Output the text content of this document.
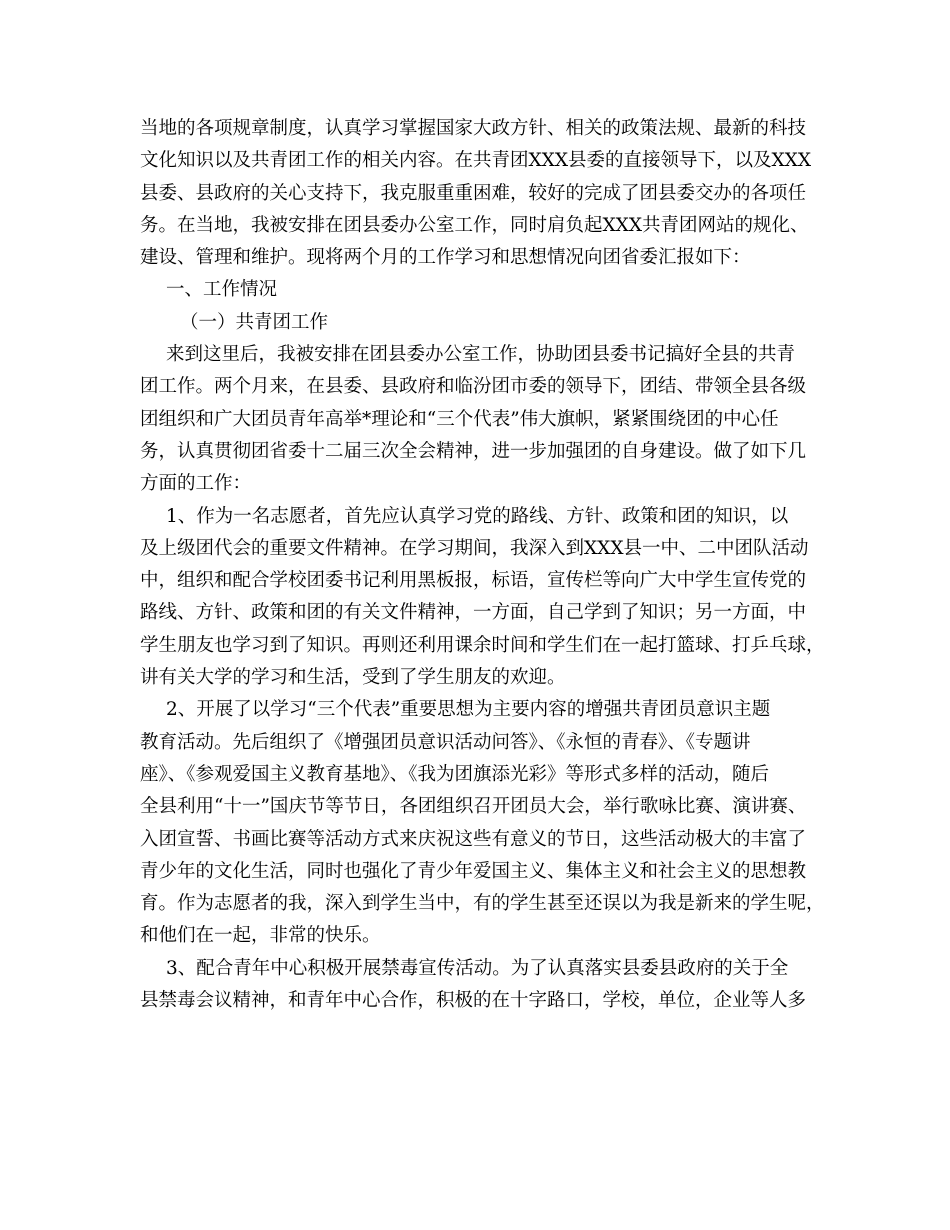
当地的各项规章制度，认真学习掌握国家大政方针、相关的政策法规、最新的科技
文化知识以及共青团工作的相关内容。在共青团XXX县委的直接领导下，以及XXX
县委、县政府的关心支持下，我克服重重困难，较好的完成了团县委交办的各项任
务。在当地，我被安排在团县委办公室工作，同时肩负起XXX共青团网站的规化、
建设、管理和维护。现将两个月的工作学习和思想情况向团省委汇报如下：
一、工作情况
（一）共青团工作
来到这里后，我被安排在团县委办公室工作，协助团县委书记搞好全县的共青
团工作。两个月来，在县委、县政府和临汾团市委的领导下，团结、带领全县各级
团组织和广大团员青年高举*理论和“三个代表”伟大旗帜，紧紧围绕团的中心任
务，认真贯彻团省委十二届三次全会精神，进一步加强团的自身建设。做了如下几
方面的工作：
1、作为一名志愿者，首先应认真学习党的路线、方针、政策和团的知识，以
及上级团代会的重要文件精神。在学习期间，我深入到XXX县一中、二中团队活动
中，组织和配合学校团委书记利用黑板报，标语，宣传栏等向广大中学生宣传党的
路线、方针、政策和团的有关文件精神，一方面，自己学到了知识；另一方面，中
学生朋友也学习到了知识。再则还利用课余时间和学生们在一起打篮球、打乒乓球，
讲有关大学的学习和生活，受到了学生朋友的欢迎。
2、开展了以学习“三个代表”重要思想为主要内容的增强共青团员意识主题
教育活动。先后组织了《增强团员意识活动问答》、《永恒的青春》、《专题讲
座》、《参观爱国主义教育基地》、《我为团旗添光彩》等形式多样的活动，随后
全县利用“十一”国庆节等节日，各团组织召开团员大会，举行歌咏比赛、演讲赛、
入团宣誓、书画比赛等活动方式来庆祝这些有意义的节日，这些活动极大的丰富了
青少年的文化生活，同时也强化了青少年爱国主义、集体主义和社会主义的思想教
育。作为志愿者的我，深入到学生当中，有的学生甚至还误以为我是新来的学生呢，
和他们在一起，非常的快乐。
3、配合青年中心积极开展禁毒宣传活动。为了认真落实县委县政府的关于全
县禁毒会议精神，和青年中心合作，积极的在十字路口，学校，单位，企业等人多
